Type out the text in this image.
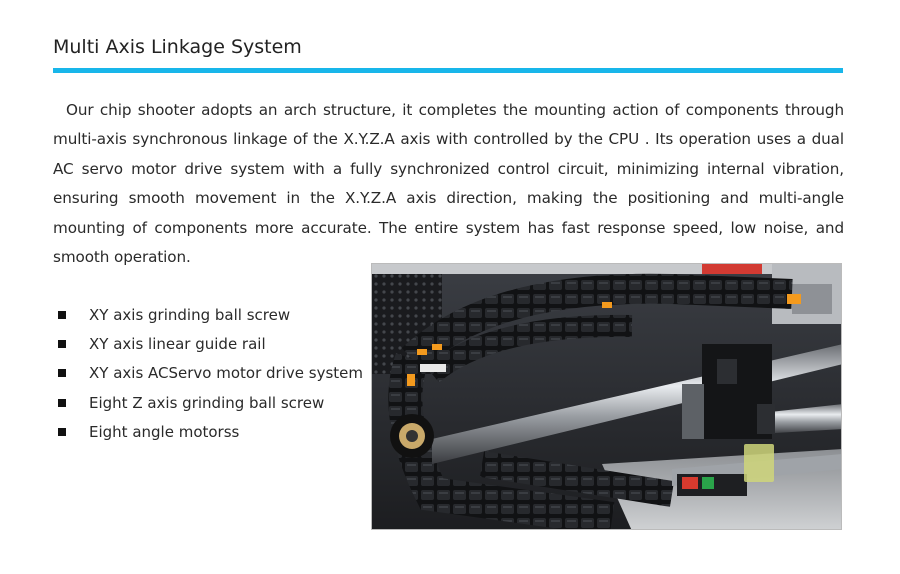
Multi Axis Linkage System

Our chip shooter adopts an arch structure, it completes the mounting action of components through multi-axis synchronous linkage of the X.Y.Z.A axis with controlled by the CPU . Its operation uses a dual AC servo motor drive system with a fully synchronized control circuit, minimizing internal vibration, ensuring smooth movement in the X.Y.Z.A axis direction, making the positioning and multi-angle mounting of components more accurate. The entire system has fast response speed, low noise, and smooth operation.

XY axis grinding ball screw
XY axis linear guide rail
XY axis ACServo motor drive system
Eight Z axis grinding ball screw
Eight angle motorss
